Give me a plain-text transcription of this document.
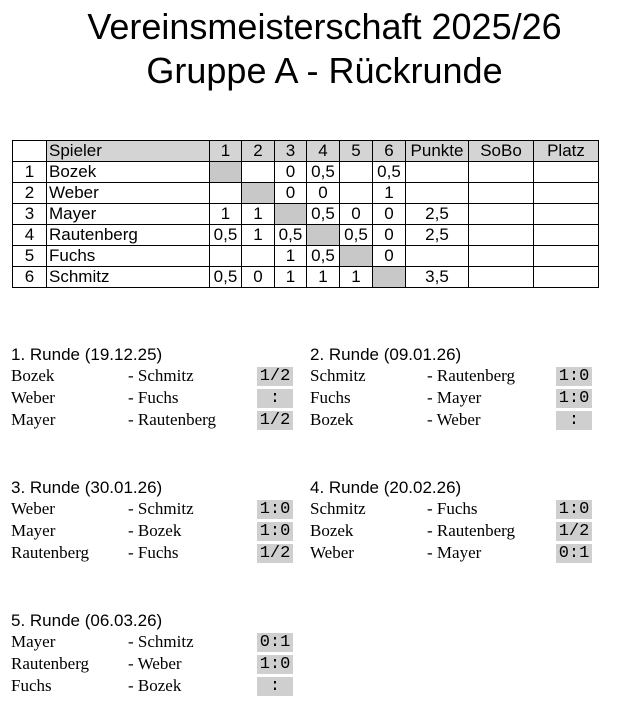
Vereinsmeisterschaft 2025/26
Gruppe A - Rückrunde
	Spieler	1	2	3	4	5	6	Punkte	SoBo	Platz
1	Bozek			0	0,5		0,5			
2	Weber			0	0		1			
3	Mayer	1	1		0,5	0	0	2,5		
4	Rautenberg	0,5	1	0,5		0,5	0	2,5		
5	Fuchs			1	0,5		0			
6	Schmitz	0,5	0	1	1	1		3,5		
1. Runde (19.12.25)
Bozek	- Schmitz	1/2
Weber	- Fuchs	:
Mayer	- Rautenberg	1/2
2. Runde (09.01.26)
Schmitz	- Rautenberg	1:0
Fuchs	- Mayer	1:0
Bozek	- Weber	:
3. Runde (30.01.26)
Weber	- Schmitz	1:0
Mayer	- Bozek	1:0
Rautenberg - Fuchs	1/2
4. Runde (20.02.26)
Schmitz	- Fuchs	1:0
Bozek	- Rautenberg	1/2
Weber	- Mayer	0:1
5. Runde (06.03.26)
Mayer	- Schmitz	0:1
Rautenberg - Weber	1:0
Fuchs	- Bozek	:
